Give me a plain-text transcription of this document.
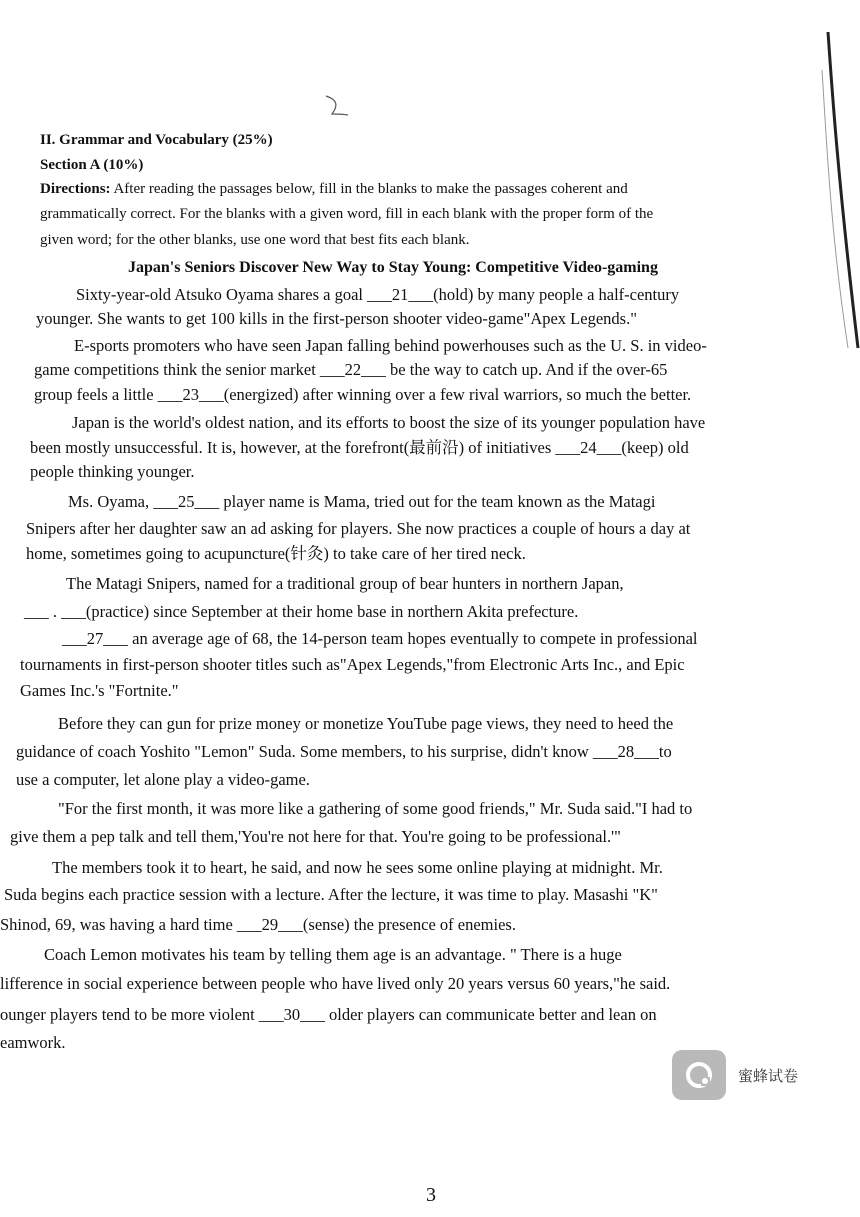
II. Grammar and Vocabulary (25%)
Section A (10%)
Directions: After reading the passages below, fill in the blanks to make the passages coherent and
grammatically correct. For the blanks with a given word, fill in each blank with the proper form of the
given word; for the other blanks, use one word that best fits each blank.
Japan's Seniors Discover New Way to Stay Young: Competitive Video-gaming
Sixty-year-old Atsuko Oyama shares a goal ___21___(hold) by many people a half-century
younger. She wants to get 100 kills in the first-person shooter video-game"Apex Legends."
E-sports promoters who have seen Japan falling behind powerhouses such as the U. S. in video-
game competitions think the senior market ___22___ be the way to catch up. And if the over-65
group feels a little ___23___(energized) after winning over a few rival warriors, so much the better.
Japan is the world's oldest nation, and its efforts to boost the size of its younger population have
been mostly unsuccessful. It is, however, at the forefront(最前沿) of initiatives ___24___(keep) old
people thinking younger.
Ms. Oyama, ___25___ player name is Mama, tried out for the team known as the Matagi
Snipers after her daughter saw an ad asking for players. She now practices a couple of hours a day at
home, sometimes going to acupuncture(针灸) to take care of her tired neck.
The Matagi Snipers, named for a traditional group of bear hunters in northern Japan,
___ . ___(practice) since September at their home base in northern Akita prefecture.
___27___ an average age of 68, the 14-person team hopes eventually to compete in professional
tournaments in first-person shooter titles such as"Apex Legends,"from Electronic Arts Inc., and Epic
Games Inc.'s "Fortnite."
Before they can gun for prize money or monetize YouTube page views, they need to heed the
guidance of coach Yoshito "Lemon" Suda. Some members, to his surprise, didn't know ___28___to
use a computer, let alone play a video-game.
"For the first month, it was more like a gathering of some good friends," Mr. Suda said."I had to
give them a pep talk and tell them,'You're not here for that. You're going to be professional.'"
The members took it to heart, he said, and now he sees some online playing at midnight. Mr.
Suda begins each practice session with a lecture. After the lecture, it was time to play. Masashi "K"
Shinod, 69, was having a hard time ___29___(sense) the presence of enemies.
Coach Lemon motivates his team by telling them age is an advantage. " There is a huge
lifference in social experience between people who have lived only 20 years versus 60 years,"he said.
ounger players tend to be more violent ___30___ older players can communicate better and lean on
eamwork.
蜜蜂试卷
3
